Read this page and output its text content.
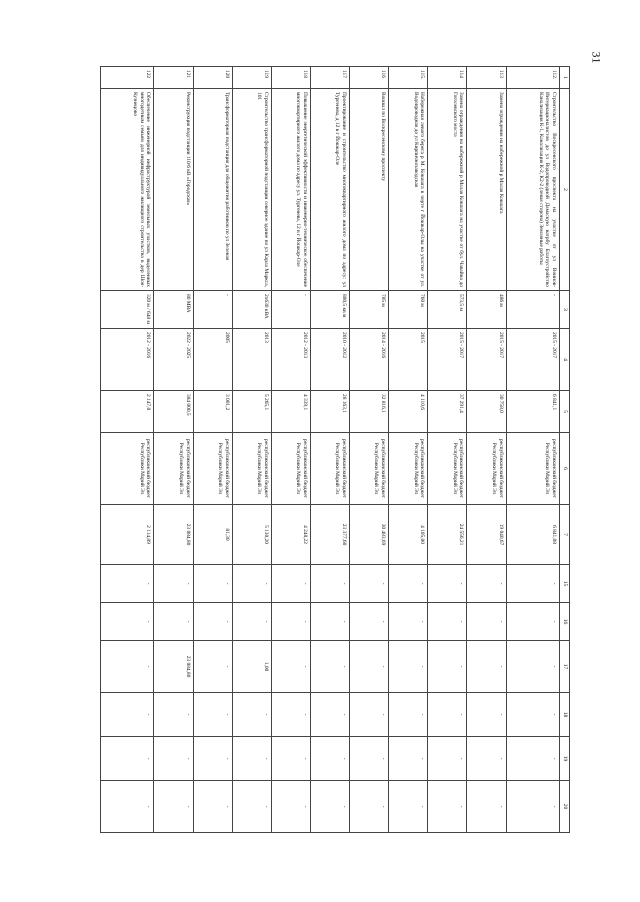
31
1	2	3	4	5	6	7	15	16	17	18	19	20
112.	Строительство Воскресенского проспекта на участке от ул Воинов-Интернационалистов до ул Водопроводной Дамаскую ватрбу Благоустройство Канализация К-1, Канализация К-2, К2-2 (левая сторона) Земляные работы	-	2015 - 2017	6 841,1	республиканский бюджет Республики Марий Эл	6 841,08	-	-	-	-	-	-
113	Замена ограждения на набережной р Малая Кокшага	486 м	2015 - 2017	30 758,0	республиканский бюджет Республики Марий Эл	19 040,67	-	-	-	-	-	-
114	Замена ограждения на набережной р Малая Кокшага на участке от бул. Чавайна до Гоголевского моста	573,5 м	2015 - 2017	37 291,4	республиканский бюджет Республики Марий Эл	24 556,21	-	-	-	-	-	-
115.	Набережная левого берега р М. Кокшага в черте г Йошкар-Олы на участке от ул. Водопроводная до ул Кирпичнозаводская	760 м	2015	4 110,6	республиканский бюджет Республики Марий Эл	4 105,00	-	-	-	-	-	-
116	Вошвал по Воскресенскому проспекту	785 м	2014 - 2016	32 816,1	республиканский бюджет Республики Марий Эл	30 483,69	-	-	-	-	-	-
117	Проектирование и строительство многоквартирного жилого дома по адресу: ул Тургенева, д 12 в г Йошкар-Оле	880,5 кв м	2010 - 2012	28 163,1	республиканский бюджет Республики Марий Эл	23 377,60	-	-	-	-	-	-
118	Повышение энергетической эффективности и инженерно-техническое обеспечение многоквартирного жилого дома по адресу ул. Тургенева, 12 в г Йошкар-Оле	-	2012 - 2013	4 339,1	республиканский бюджет Республики Марий Эл	4 248,22	-	-	-	-	-	-
119	Строительство трансформаторной подстанции северное здание по ул Карла Маркса, 101	2х630 кВА	2013	5 265,1	республиканский бюджет Республики Марий Эл	5 130,20	-	-	1,00	-	-	-
120	Трансформаторная подстанция для общежития работников по ул Зеленая	-	2005	3 001,2	республиканский бюджет Республики Марий Эл	81,30	-	-	-	-	-	-
121	Реконструкция подстанции 110/6 кВ «Городская»	80 МВА	2022 - 2025	384 000,5	республиканский бюджет Республики Марий Эл	23 084,80	-	-	23 084,80	-	-	-
122	Обеспечение инженерной инфраструктурой земельных участков, выделенных многодетным семьям для индивидуального жилищного строительства в дер Шоя-Кузнецово	320 м / 648 м	2012 - 2016	2 147,0	республиканский бюджет Республики Марий Эл	2 114,89	-	-	-	-	-	-
